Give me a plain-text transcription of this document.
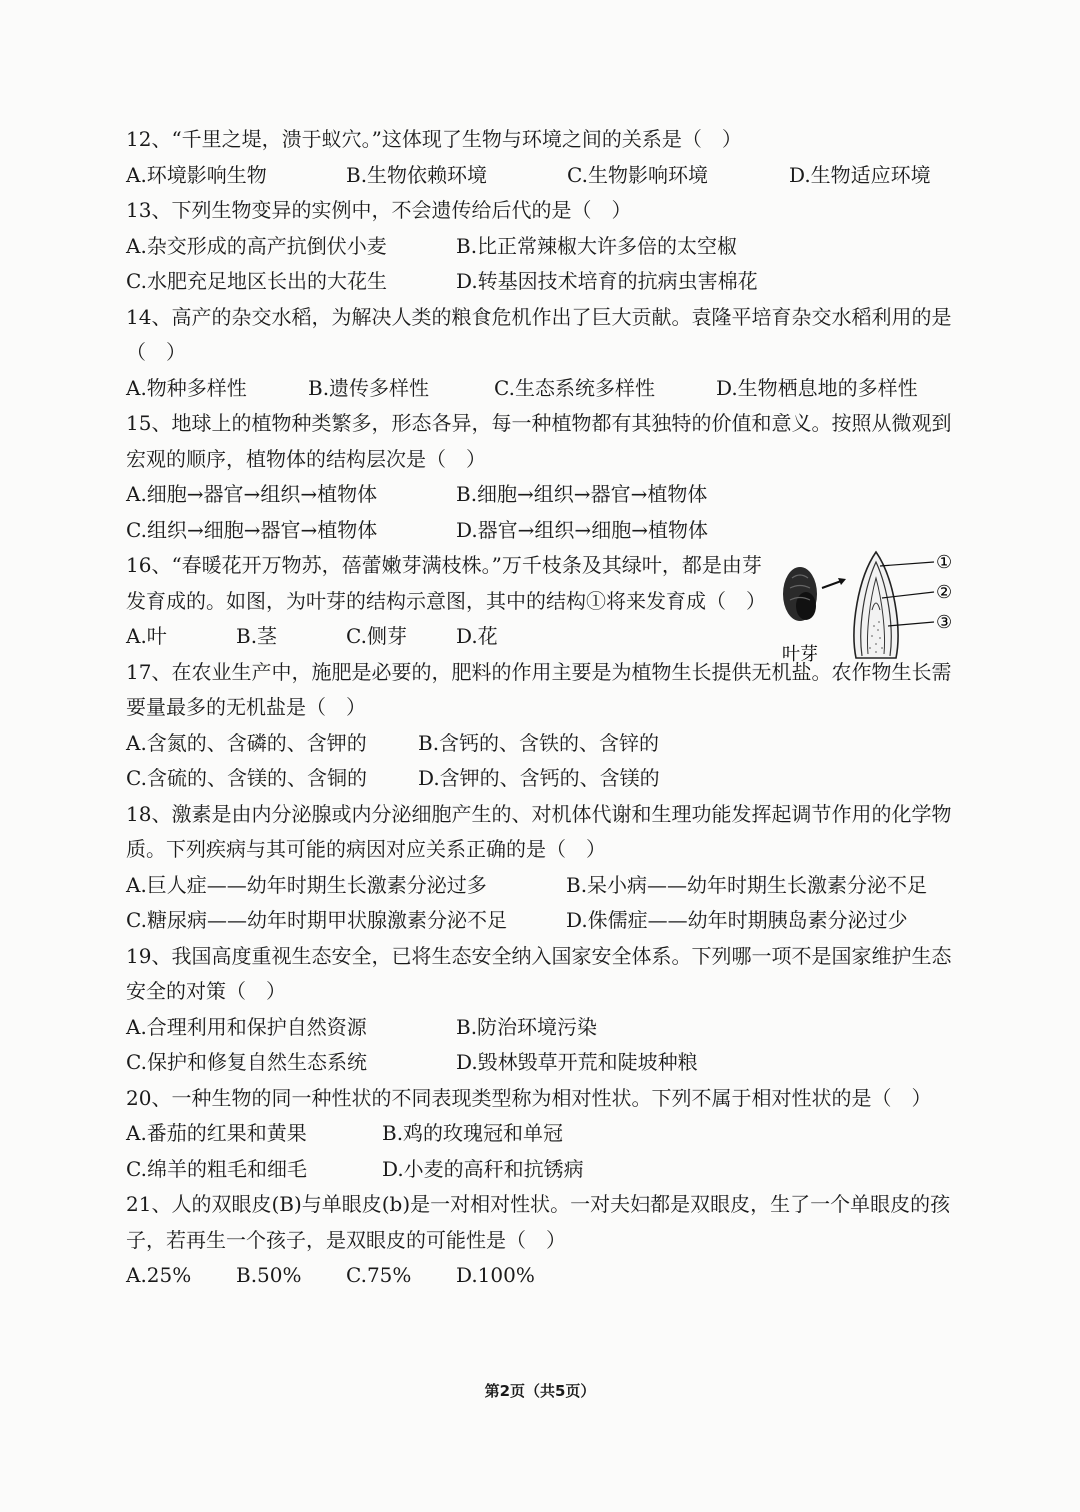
12、“千里之堤，溃于蚁穴。”这体现了生物与环境之间的关系是（　）
A.环境影响生物	B.生物依赖环境	C.生物影响环境	D.生物适应环境
13、下列生物变异的实例中，不会遗传给后代的是（　）
A.杂交形成的高产抗倒伏小麦	B.比正常辣椒大许多倍的太空椒
C.水肥充足地区长出的大花生	D.转基因技术培育的抗病虫害棉花
14、高产的杂交水稻，为解决人类的粮食危机作出了巨大贡献。袁隆平培育杂交水稻利用的是（　）
A.物种多样性	B.遗传多样性	C.生态系统多样性	D.生物栖息地的多样性
15、地球上的植物种类繁多，形态各异，每一种植物都有其独特的价值和意义。按照从微观到宏观的顺序，植物体的结构层次是（　）
A.细胞→器官→组织→植物体	B.细胞→组织→器官→植物体
C.组织→细胞→器官→植物体	D.器官→组织→细胞→植物体
16、“春暖花开万物苏，蓓蕾嫩芽满枝株。”万千枝条及其绿叶，都是由芽发育成的。如图，为叶芽的结构示意图，其中的结构①将来发育成（　）
A.叶	B.茎	C.侧芽	D.花
①
②
③
叶芽
17、在农业生产中，施肥是必要的，肥料的作用主要是为植物生长提供无机盐。农作物生长需要量最多的无机盐是（　）
A.含氮的、含磷的、含钾的	B.含钙的、含铁的、含锌的
C.含硫的、含镁的、含铜的	D.含钾的、含钙的、含镁的
18、激素是由内分泌腺或内分泌细胞产生的、对机体代谢和生理功能发挥起调节作用的化学物质。下列疾病与其可能的病因对应关系正确的是（　）
A.巨人症——幼年时期生长激素分泌过多	B.呆小病——幼年时期生长激素分泌不足
C.糖尿病——幼年时期甲状腺激素分泌不足	D.侏儒症——幼年时期胰岛素分泌过少
19、我国高度重视生态安全，已将生态安全纳入国家安全体系。下列哪一项不是国家维护生态安全的对策（　）
A.合理利用和保护自然资源	B.防治环境污染
C.保护和修复自然生态系统	D.毁林毁草开荒和陡坡种粮
20、一种生物的同一种性状的不同表现类型称为相对性状。下列不属于相对性状的是（　）
A.番茄的红果和黄果	B.鸡的玫瑰冠和单冠
C.绵羊的粗毛和细毛	D.小麦的高秆和抗锈病
21、人的双眼皮(B)与单眼皮(b)是一对相对性状。一对夫妇都是双眼皮，生了一个单眼皮的孩子，若再生一个孩子，是双眼皮的可能性是（　）
A.25%	B.50%	C.75%	D.100%
第2页（共5页）
